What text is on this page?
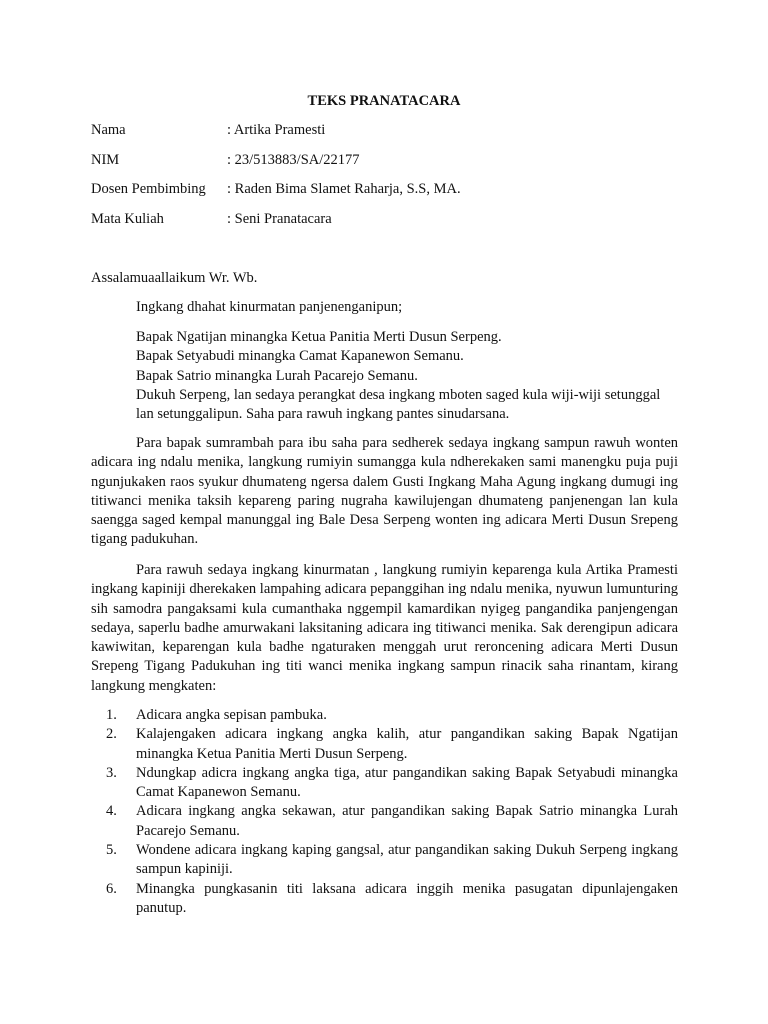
TEKS PRANATACARA
Nama	: Artika Pramesti
NIM	: 23/513883/SA/22177
Dosen Pembimbing	: Raden Bima Slamet Raharja, S.S, MA.
Mata Kuliah	: Seni Pranatacara
Assalamuaallaikum Wr. Wb.
Ingkang dhahat kinurmatan panjenenganipun;
Bapak Ngatijan minangka Ketua Panitia Merti Dusun Serpeng.
Bapak Setyabudi minangka Camat Kapanewon Semanu.
Bapak Satrio minangka Lurah Pacarejo Semanu.
Dukuh Serpeng, lan sedaya perangkat desa ingkang mboten saged kula wiji-wiji setunggal lan setunggalipun. Saha para rawuh ingkang pantes sinudarsana.
Para bapak sumrambah para ibu saha para sedherek sedaya ingkang sampun rawuh wonten adicara ing ndalu menika, langkung rumiyin sumangga kula ndherekaken sami manengku puja puji ngunjukaken raos syukur dhumateng ngersa dalem Gusti Ingkang Maha Agung ingkang dumugi ing titiwanci menika taksih kepareng paring nugraha kawilujengan dhumateng panjenengan lan kula saengga saged kempal manunggal ing Bale Desa Serpeng wonten ing adicara Merti Dusun Srepeng tigang padukuhan.
Para rawuh sedaya ingkang kinurmatan , langkung rumiyin keparenga kula Artika Pramesti ingkang kapiniji dherekaken lampahing adicara pepanggihan ing ndalu menika, nyuwun lumunturing sih samodra pangaksami kula cumanthaka nggempil kamardikan nyigeg pangandika panjengengan sedaya, saperlu badhe amurwakani laksitaning adicara ing titiwanci menika. Sak derengipun adicara kawiwitan, keparengan kula badhe ngaturaken menggah urut reroncening adicara Merti Dusun Srepeng Tigang Padukuhan ing titi wanci menika ingkang sampun rinacik saha rinantam, kirang langkung mengkaten:
1.	Adicara angka sepisan pambuka.
2.	Kalajengaken adicara ingkang angka kalih, atur pangandikan saking Bapak Ngatijan minangka Ketua Panitia Merti Dusun Serpeng.
3.	Ndungkap adicra ingkang angka tiga, atur pangandikan saking Bapak Setyabudi minangka Camat Kapanewon Semanu.
4.	Adicara ingkang angka sekawan, atur pangandikan saking Bapak Satrio minangka Lurah Pacarejo Semanu.
5.	Wondene adicara ingkang kaping gangsal, atur pangandikan saking Dukuh Serpeng ingkang sampun kapiniji.
6.	Minangka pungkasanin titi laksana adicara inggih menika pasugatan dipunlajengaken panutup.
